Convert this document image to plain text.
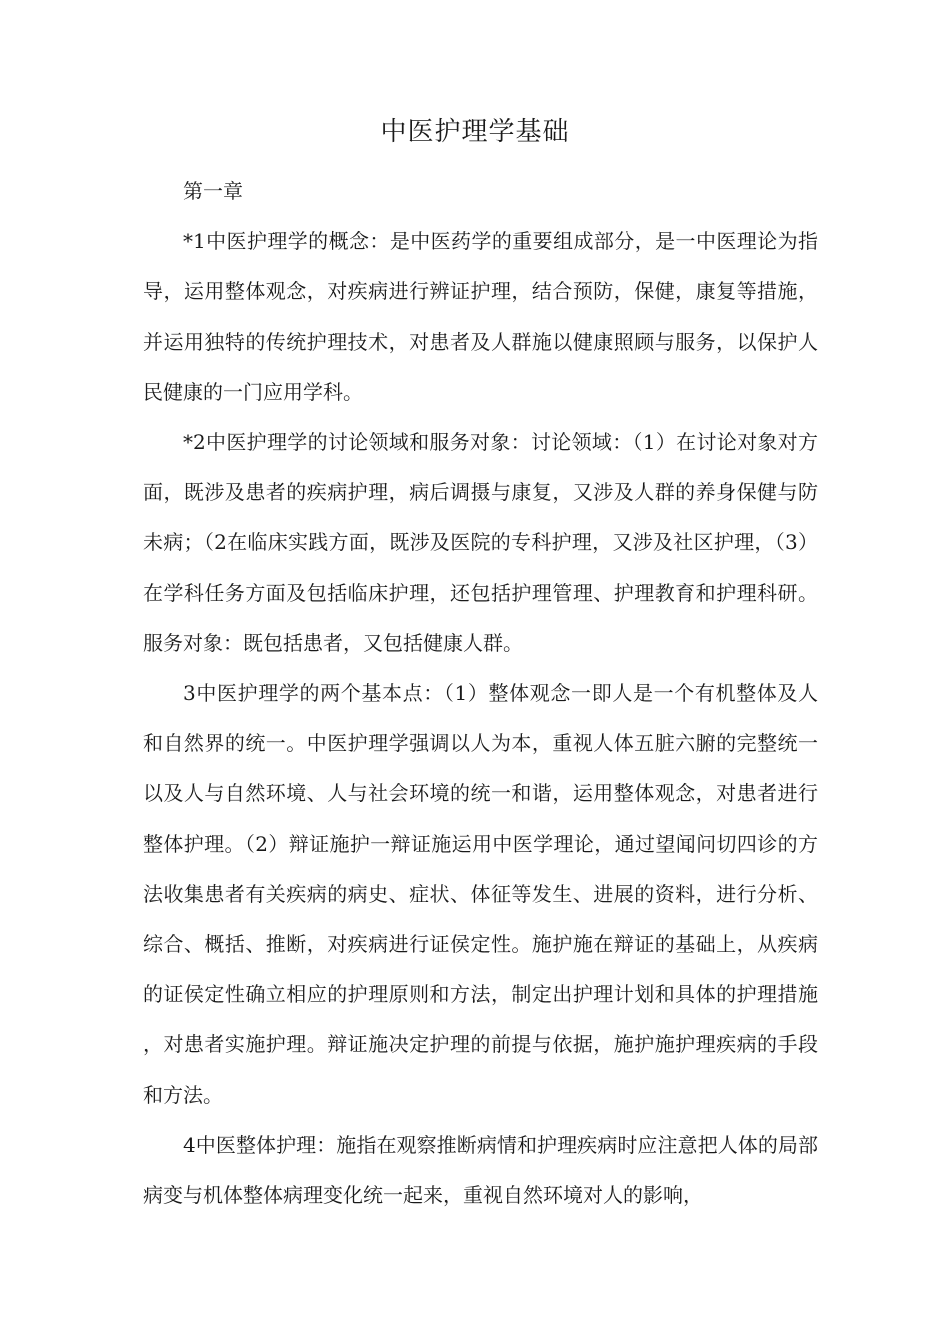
中医护理学基础

第一章

*1中医护理学的概念：是中医药学的重要组成部分，是一中医理论为指导，运用整体观念，对疾病进行辨证护理，结合预防，保健，康复等措施，并运用独特的传统护理技术，对患者及人群施以健康照顾与服务，以保护人民健康的一门应用学科。

*2中医护理学的讨论领域和服务对象：讨论领域：（1）在讨论对象对方面，既涉及患者的疾病护理，病后调摄与康复，又涉及人群的养身保健与防未病；（2在临床实践方面，既涉及医院的专科护理，又涉及社区护理，（3）在学科任务方面及包括临床护理，还包括护理管理、护理教育和护理科研。服务对象：既包括患者，又包括健康人群。

3中医护理学的两个基本点：（1）整体观念一即人是一个有机整体及人和自然界的统一。中医护理学强调以人为本，重视人体五脏六腑的完整统一以及人与自然环境、人与社会环境的统一和谐，运用整体观念，对患者进行整体护理。（2）辩证施护一辩证施运用中医学理论，通过望闻问切四诊的方法收集患者有关疾病的病史、症状、体征等发生、进展的资料，进行分析、综合、概括、推断，对疾病进行证侯定性。施护施在辩证的基础上，从疾病的证侯定性确立相应的护理原则和方法，制定出护理计划和具体的护理措施，对患者实施护理。辩证施决定护理的前提与依据，施护施护理疾病的手段和方法。

4中医整体护理：施指在观察推断病情和护理疾病时应注意把人体的局部病变与机体整体病理变化统一起来，重视自然环境对人的影响，
